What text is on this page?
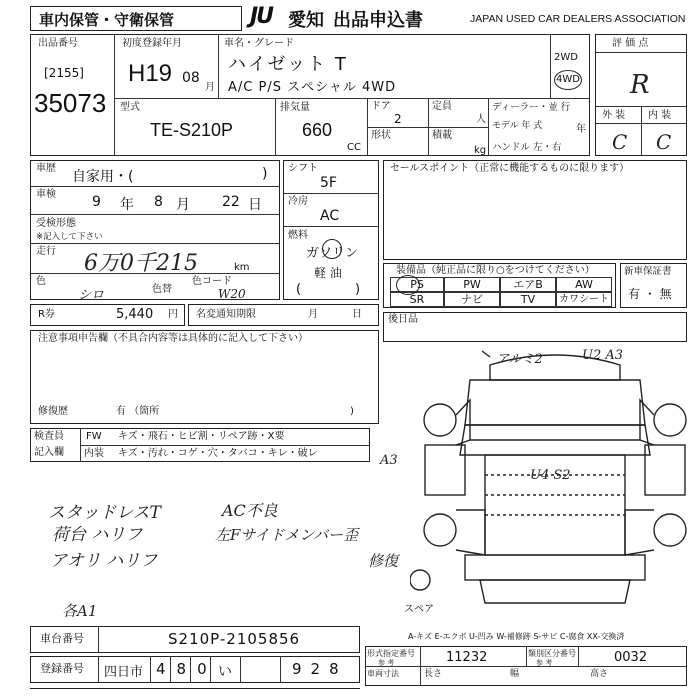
車内保管・守衛保管	JU 愛知 出品申込書	JAPAN USED CAR DEALERS ASSOCIATION
出品番号
[2155]
35073
初度登録年月
H19 08
月
車名・グレード
ハイゼット T
A/C P/S スペシャル 4WD
2WD
4WD
評 価 点
R
外 装 内 装
C C
型式
TE-S210P
排気量
660
CC
ドア
2
定員
人
形状	積載
kg
ディーラー・並 行
モデル 年 式	年
ハンドル 左・右
車歴
自家用・(	)
車検	9 年 8 月 22 日
受検形態
※記入して下さい
走行 6万0千215	km
色
シロ	色替
色コード
W20
シフト
5F
冷房
AC
燃料
ガソリン
軽 油
(	)
セールスポイント（正常に機能するものに限ります）
装備品（純正品に限り○をつけてください）
PS	PW	エアB	AW
SR	ナビ	TV	カワシート
新車保証書
有 ・ 無
R券	5,440 円 名変通知期限	月	日	後日品
注意事項申告欄（不具合内容等は具体的に記入して下さい）
修復歴	有 （箇所	)
検査員
記入欄
FW キズ・飛石・ヒビ割・リペア跡・X要
内装 キズ・汚れ・コゲ・穴・タバコ・キレ・破レ
スタッドレスT
荷台 ハリフ
アオリ ハリフ
AC不良
左Fサイドメンバー歪
修復
各A1
アルミ2	U2 A3
A3
U4 S2
スペア
A-キズ E-エクボ U-凹み W-補修跡 S-サビ C-腐食 XX-交換済
車台番号	S210P-2105856
登録番号 四日市 480 い	928
形式指定番号
参 考	11232	類別区分番号
参 考	0032
車両寸法	長さ	幅	高さ
